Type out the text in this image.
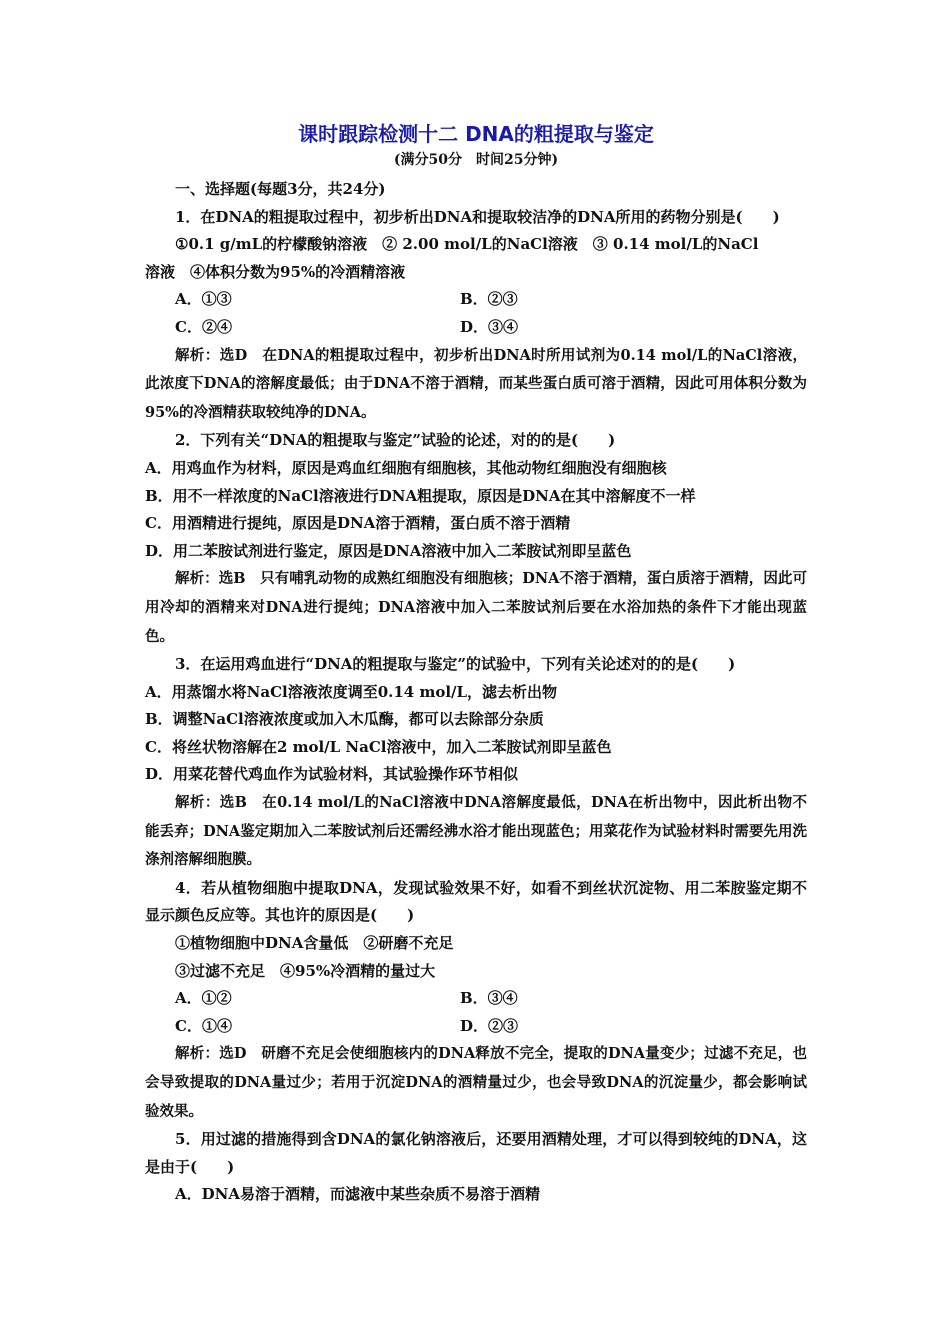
课时跟踪检测十二 DNA的粗提取与鉴定

(满分50分　时间25分钟)

一、选择题(每题3分，共24分)

1．在DNA的粗提取过程中，初步析出DNA和提取较洁净的DNA所用的药物分别是(　　)

①0.1 g/mL的柠檬酸钠溶液　② 2.00 mol/L的NaCl溶液　③ 0.14 mol/L的NaCl

溶液　④体积分数为95%的冷酒精溶液

A．①③	B．②③
C．②④	D．③④

解析：选D　在DNA的粗提取过程中，初步析出DNA时所用试剂为0.14 mol/L的NaCl溶液，此浓度下DNA的溶解度最低；由于DNA不溶于酒精，而某些蛋白质可溶于酒精，因此可用体积分数为95%的冷酒精获取较纯净的DNA。

2．下列有关“DNA的粗提取与鉴定”试验的论述，对的的是(　　)

A．用鸡血作为材料，原因是鸡血红细胞有细胞核，其他动物红细胞没有细胞核

B．用不一样浓度的NaCl溶液进行DNA粗提取，原因是DNA在其中溶解度不一样

C．用酒精进行提纯，原因是DNA溶于酒精，蛋白质不溶于酒精

D．用二苯胺试剂进行鉴定，原因是DNA溶液中加入二苯胺试剂即呈蓝色

解析：选B　只有哺乳动物的成熟红细胞没有细胞核；DNA不溶于酒精，蛋白质溶于酒精，因此可用冷却的酒精来对DNA进行提纯；DNA溶液中加入二苯胺试剂后要在水浴加热的条件下才能出现蓝色。

3．在运用鸡血进行“DNA的粗提取与鉴定”的试验中，下列有关论述对的的是(　　)

A．用蒸馏水将NaCl溶液浓度调至0.14 mol/L，滤去析出物

B．调整NaCl溶液浓度或加入木瓜酶，都可以去除部分杂质

C．将丝状物溶解在2 mol/L NaCl溶液中，加入二苯胺试剂即呈蓝色

D．用菜花替代鸡血作为试验材料，其试验操作环节相似

解析：选B　在0.14 mol/L的NaCl溶液中DNA溶解度最低，DNA在析出物中，因此析出物不能丢弃；DNA鉴定期加入二苯胺试剂后还需经沸水浴才能出现蓝色；用菜花作为试验材料时需要先用洗涤剂溶解细胞膜。

4．若从植物细胞中提取DNA，发现试验效果不好，如看不到丝状沉淀物、用二苯胺鉴定期不显示颜色反应等。其也许的原因是(　　)

①植物细胞中DNA含量低　②研磨不充足

③过滤不充足　④95%冷酒精的量过大

A．①②	B．③④
C．①④	D．②③

解析：选D　研磨不充足会使细胞核内的DNA释放不完全，提取的DNA量变少；过滤不充足，也会导致提取的DNA量过少；若用于沉淀DNA的酒精量过少，也会导致DNA的沉淀量少，都会影响试验效果。

5．用过滤的措施得到含DNA的氯化钠溶液后，还要用酒精处理，才可以得到较纯的DNA，这是由于(　　)

A．DNA易溶于酒精，而滤液中某些杂质不易溶于酒精
